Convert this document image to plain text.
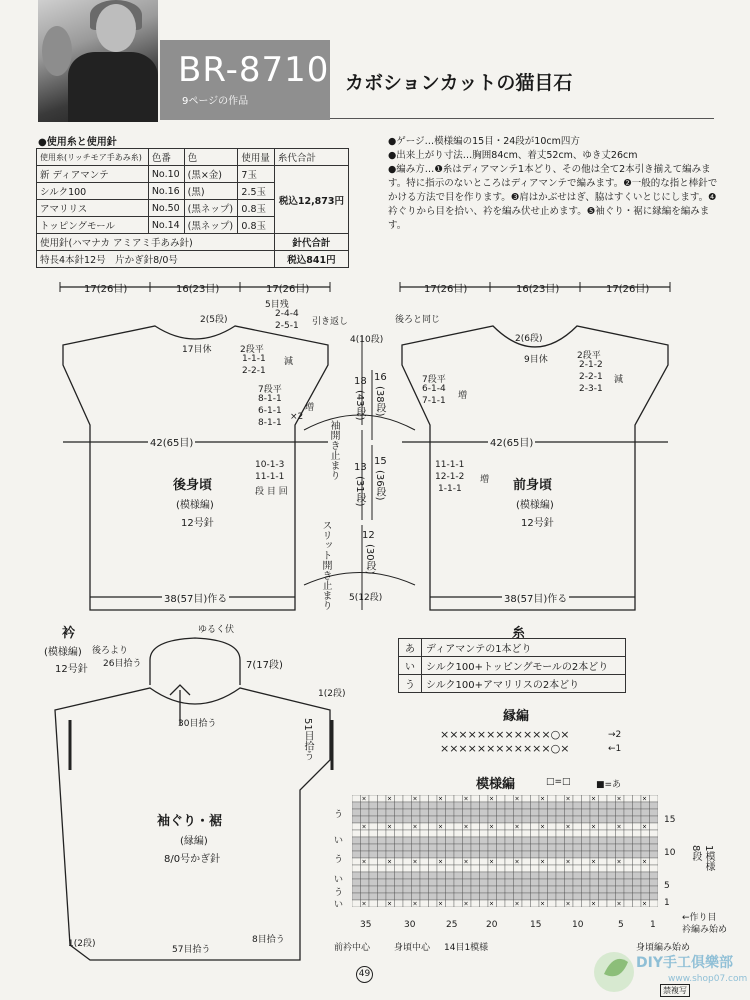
BR-8710
9ページの作品
カボションカットの猫目石
●使用糸と使用針
使用糸(リッチモア手あみ糸)	色番	色	使用量	糸代合計
新 ディアマンテ	No.10	(黒×金)	7玉	税込12,873円
シルク100	No.16	(黒)	2.5玉	
アマリリス	No.50	(黒ネップ)	0.8玉	
トッピングモール	No.14	(黒ネップ)	0.8玉	
使用針(ハマナカ アミアミ手あみ針)				針代合計
特長4本針12号　片かぎ針8/0号				税込841円
●ゲージ…模様編の15目・24段が10cm四方
●出来上がり寸法…胸囲84cm、着丈52cm、ゆき丈26cm
●編み方…❶糸はディアマンテ1本どり、その他は全て2本引き揃えて編みます。特に指示のないところはディアマンテで編みます。❷一般的な指と棒針でかける方法で目を作ります。❸肩はかぶせはぎ、脇はすくいとじにします。❹衿ぐりから目を拾い、衿を編み伏せ止めます。❺袖ぐり・裾に縁編を編みます。
17(26目)	16(23目)	17(26目)
5目残
2-4-4
2-5-1 引き返し
2(5段)
17目休	2段平
1-1-1
2-2-1
減
7段平
8-1-1
6-1-1
8-1-1
×2
増
42(65目)
10-1-3
11-1-1
段 目 回
後身頃
(模様編)
12号針
38(57目)作る
17(26目)	16(23目)	17(26目)
後ろと同じ
2(6段)
9目休	2段平
2-1-2
2-2-1
2-3-1
減
7段平
6-1-4
7-1-1 増
42(65目)
11-1-1
12-1-2
1-1-1
増 前身頃
(模様編)
12号針
38(57目)作る
4(10段)
18
(43段)
16
(38段)
袖開き止まり 13
(31段)
15
(36段)
12
(30段)
スリット開き止まり 5(12段)
衿
(模様編)
12号針
ゆるく伏
後ろより
26目拾う	7(17段)
30目拾う
1(2段)
51目拾う
袖ぐり・裾
(縁編)
8/0号かぎ針
8目拾う
57目拾う
1(2段)
糸
あ	ディアマンテの1本どり
い	シルク100+トッピングモールの2本どり
う	シルク100+アマリリスの2本どり
縁編
××××××××××××○×	→2
××××××××××××○×	←1
模様編	□=□	■=あ
×	×	×	×	×	×	×	×	×	×	×	×
×	×	×	×	×	×	×	×	×	×	×	×
×	×	×	×	×	×	×	×	×	×	×	×
×	×	×	×	×	×	×	×	×	×	×	×
う
い
う
い
う
い
15
10
5
1
8段 1模様
←作り目
衿編み始め
35	30	25	20	15	10	5	1
前衿中心	身頃中心 14目1模様	身頃編み始め
49
DIY手工俱樂部
www.shop07.com
禁複写
